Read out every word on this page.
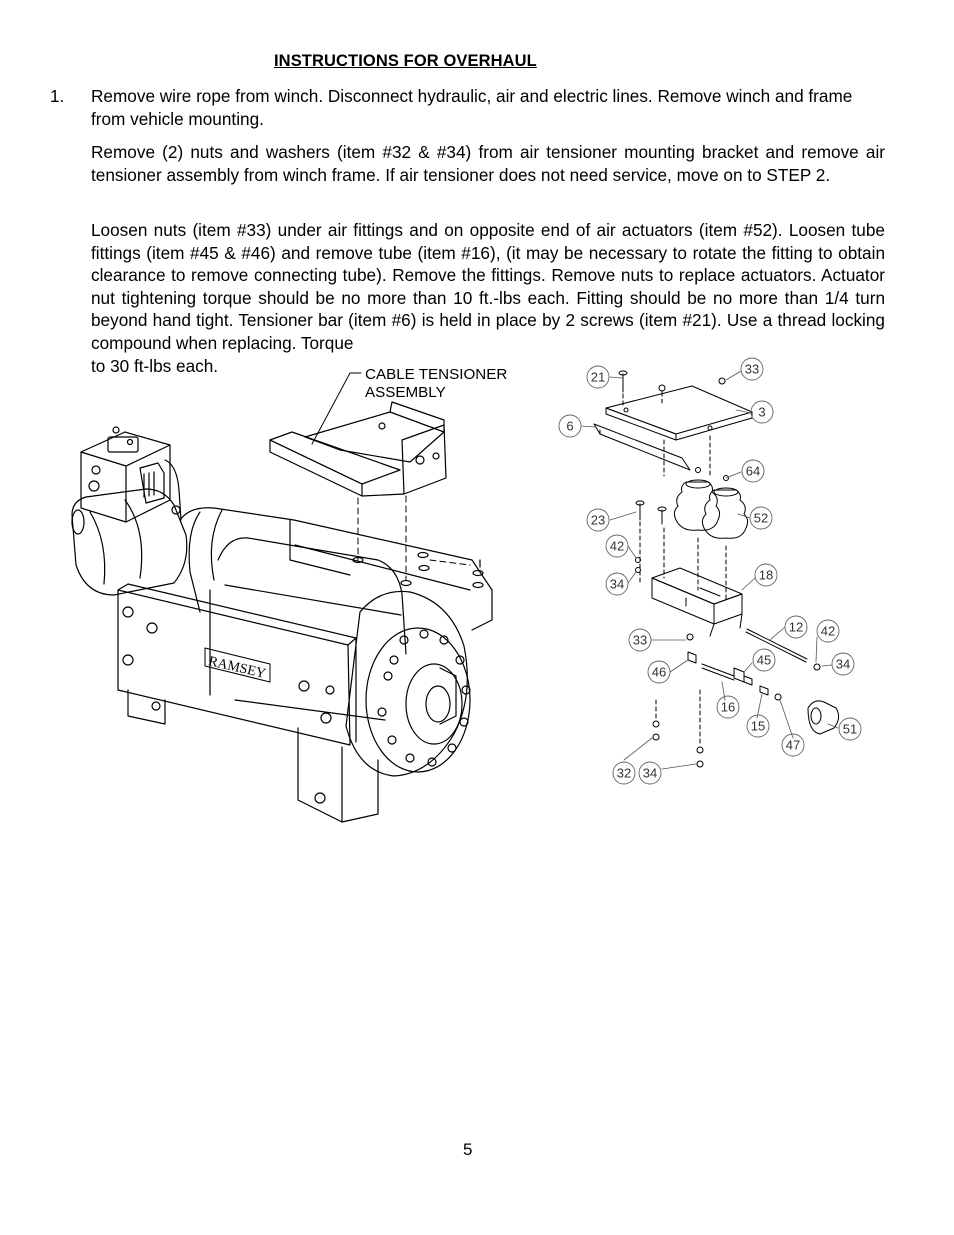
INSTRUCTIONS FOR OVERHAUL
1. Remove wire rope from winch. Disconnect hydraulic, air and electric lines. Remove winch and frame from vehicle mounting.
Remove (2) nuts and washers (item #32 & #34) from air tensioner mounting bracket and remove air tensioner assembly from winch frame. If air tensioner does not need service, move on to STEP 2.
Loosen nuts (item #33) under air fittings and on opposite end of air actuators (item #52). Loosen tube fittings (item #45 & #46) and remove tube (item #16), (it may be necessary to rotate the fitting to obtain clearance to remove connecting tube). Remove the fittings. Remove nuts to replace actuators. Actuator nut tightening torque should be no more than 10 ft.-lbs each. Fitting should be no more than 1/4 turn beyond hand tight. Tensioner bar (item #6) is held in place by 2 screws (item #21). Use a thread locking compound when replacing. Torque
to 30 ft-lbs each.	CABLE TENSIONER
ASSEMBLY
RAMSEY
21
33
6
3
64
23	52
42
34
18
12 42
33
46
45	34
16
15
47
51
32 34
5
